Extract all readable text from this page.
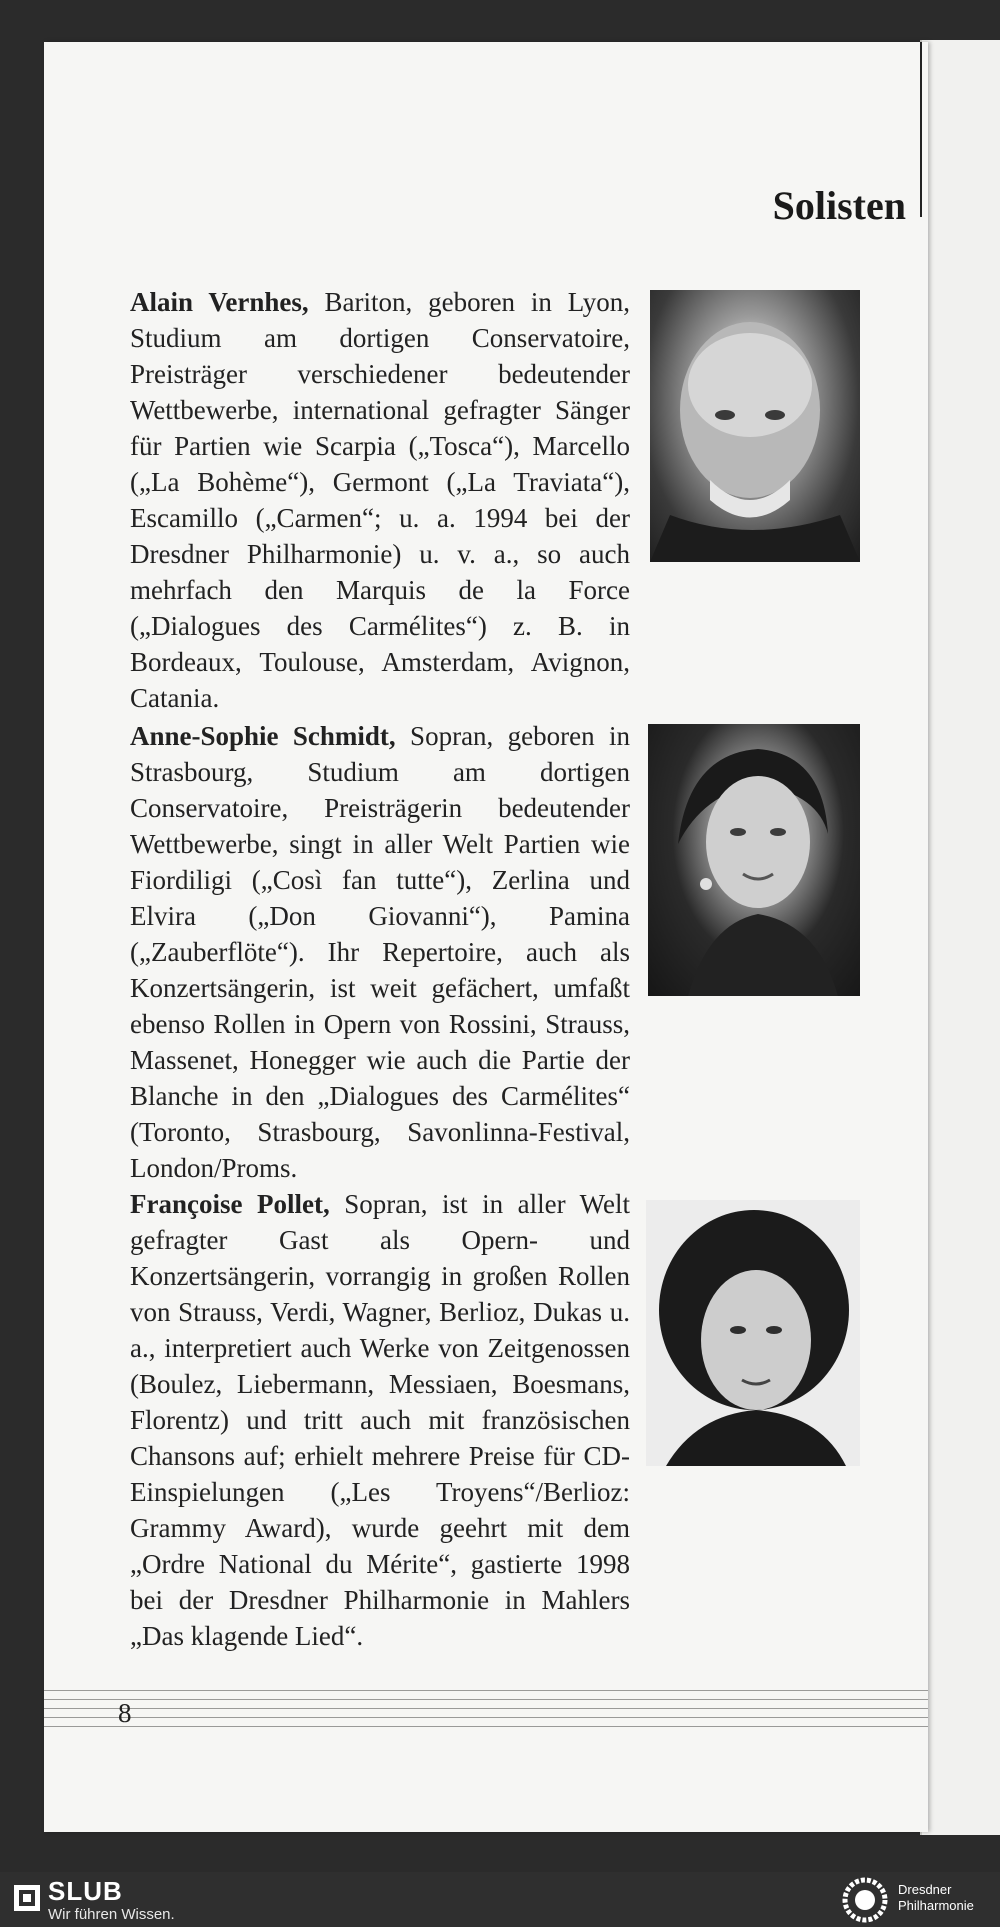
Solisten

Alain Vernhes, Bariton, geboren in Lyon, Studium am dortigen Conservatoire, Preisträger verschiedener bedeutender Wettbewerbe, international gefragter Sänger für Partien wie Scarpia („Tosca“), Marcello („La Bohème“), Germont („La Traviata“), Escamillo („Carmen“; u. a. 1994 bei der Dresdner Philharmonie) u. v. a., so auch mehrfach den Marquis de la Force („Dialogues des Carmélites“) z. B. in Bordeaux, Toulouse, Amsterdam, Avignon, Catania.

Anne-Sophie Schmidt, Sopran, geboren in Strasbourg, Studium am dortigen Conservatoire, Preisträgerin bedeutender Wettbewerbe, singt in aller Welt Partien wie Fiordiligi („Così fan tutte“), Zerlina und Elvira („Don Giovanni“), Pamina („Zauberflöte“). Ihr Repertoire, auch als Konzertsängerin, ist weit gefächert, umfaßt ebenso Rollen in Opern von Rossini, Strauss, Massenet, Honegger wie auch die Partie der Blanche in den „Dialogues des Carmélites“ (Toronto, Strasbourg, Savonlinna-Festival, London/Proms.

Françoise Pollet, Sopran, ist in aller Welt gefragter Gast als Opern- und Konzertsängerin, vorrangig in großen Rollen von Strauss, Verdi, Wagner, Berlioz, Dukas u. a., interpretiert auch Werke von Zeitgenossen (Boulez, Liebermann, Messiaen, Boesmans, Florentz) und tritt auch mit französischen Chansons auf; erhielt mehrere Preise für CD-Einspielungen („Les Troyens“/Berlioz: Grammy Award), wurde geehrt mit dem „Ordre National du Mérite“, gastierte 1998 bei der Dresdner Philharmonie in Mahlers „Das klagende Lied“.

8
SLUB
Wir führen Wissen.
Dresdner
Philharmonie
